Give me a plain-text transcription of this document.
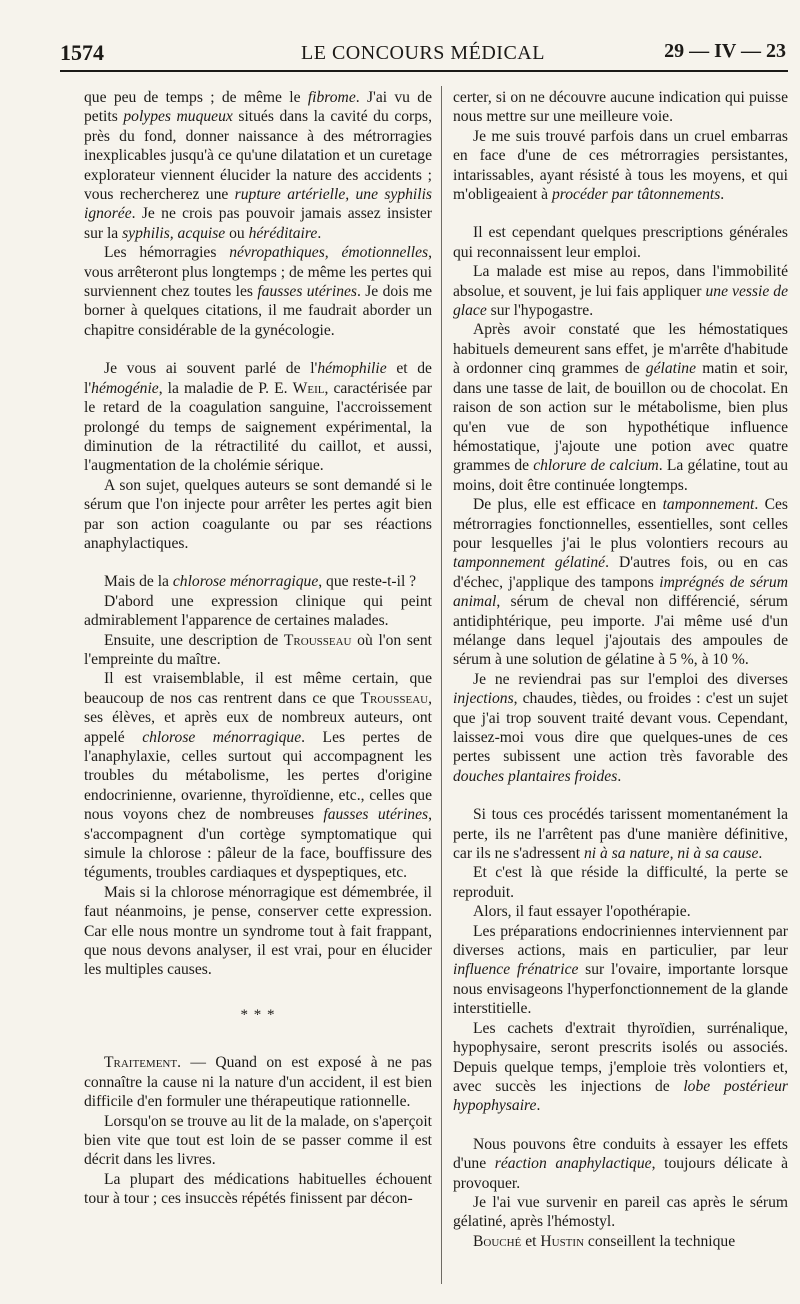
1574	LE CONCOURS MÉDICAL	29 — IV — 23

que peu de temps ; de même le fibrome. J'ai vu de petits polypes muqueux situés dans la cavité du corps, près du fond, donner naissance à des métrorragies inexplicables jusqu'à ce qu'une dilatation et un curetage explorateur viennent élucider la nature des accidents ; vous rechercherez une rupture artérielle, une syphilis ignorée. Je ne crois pas pouvoir jamais assez insister sur la syphilis, acquise ou héréditaire.

Les hémorragies névropathiques, émotionnelles, vous arrêteront plus longtemps ; de même les pertes qui surviennent chez toutes les fausses utérines. Je dois me borner à quelques citations, il me faudrait aborder un chapitre considérable de la gynécologie.

Je vous ai souvent parlé de l'hémophilie et de l'hémogénie, la maladie de P. E. Weil, caractérisée par le retard de la coagulation sanguine, l'accroissement prolongé du temps de saignement expérimental, la diminution de la rétractilité du caillot, et aussi, l'augmentation de la cholémie sérique.

A son sujet, quelques auteurs se sont demandé si le sérum que l'on injecte pour arrêter les pertes agit bien par son action coagulante ou par ses réactions anaphylactiques.

Mais de la chlorose ménorragique, que reste-t-il ?

D'abord une expression clinique qui peint admirablement l'apparence de certaines malades.

Ensuite, une description de Trousseau où l'on sent l'empreinte du maître.

Il est vraisemblable, il est même certain, que beaucoup de nos cas rentrent dans ce que Trousseau, ses élèves, et après eux de nombreux auteurs, ont appelé chlorose ménorragique. Les pertes de l'anaphylaxie, celles surtout qui accompagnent les troubles du métabolisme, les pertes d'origine endocrinienne, ovarienne, thyroïdienne, etc., celles que nous voyons chez de nombreuses fausses utérines, s'accompagnent d'un cortège symptomatique qui simule la chlorose : pâleur de la face, bouffissure des téguments, troubles cardiaques et dyspeptiques, etc.

Mais si la chlorose ménorragique est démembrée, il faut néanmoins, je pense, conserver cette expression. Car elle nous montre un syndrome tout à fait frappant, que nous devons analyser, il est vrai, pour en élucider les multiples causes.

* * *

Traitement. — Quand on est exposé à ne pas connaître la cause ni la nature d'un accident, il est bien difficile d'en formuler une thérapeutique rationnelle.

Lorsqu'on se trouve au lit de la malade, on s'aperçoit bien vite que tout est loin de se passer comme il est décrit dans les livres.

La plupart des médications habituelles échouent tour à tour ; ces insuccès répétés finissent par décon-

certer, si on ne découvre aucune indication qui puisse nous mettre sur une meilleure voie.

Je me suis trouvé parfois dans un cruel embarras en face d'une de ces métrorragies persistantes, intarissables, ayant résisté à tous les moyens, et qui m'obligeaient à procéder par tâtonnements.

Il est cependant quelques prescriptions générales qui reconnaissent leur emploi.

La malade est mise au repos, dans l'immobilité absolue, et souvent, je lui fais appliquer une vessie de glace sur l'hypogastre.

Après avoir constaté que les hémostatiques habituels demeurent sans effet, je m'arrête d'habitude à ordonner cinq grammes de gélatine matin et soir, dans une tasse de lait, de bouillon ou de chocolat. En raison de son action sur le métabolisme, bien plus qu'en vue de son hypothétique influence hémostatique, j'ajoute une potion avec quatre grammes de chlorure de calcium. La gélatine, tout au moins, doit être continuée longtemps.

De plus, elle est efficace en tamponnement. Ces métrorragies fonctionnelles, essentielles, sont celles pour lesquelles j'ai le plus volontiers recours au tamponnement gélatiné. D'autres fois, ou en cas d'échec, j'applique des tampons imprégnés de sérum animal, sérum de cheval non différencié, sérum antidiphtérique, peu importe. J'ai même usé d'un mélange dans lequel j'ajoutais des ampoules de sérum à une solution de gélatine à 5 %, à 10 %.

Je ne reviendrai pas sur l'emploi des diverses injections, chaudes, tièdes, ou froides : c'est un sujet que j'ai trop souvent traité devant vous. Cependant, laissez-moi vous dire que quelques-unes de ces pertes subissent une action très favorable des douches plantaires froides.

Si tous ces procédés tarissent momentanément la perte, ils ne l'arrêtent pas d'une manière définitive, car ils ne s'adressent ni à sa nature, ni à sa cause.

Et c'est là que réside la difficulté, la perte se reproduit.

Alors, il faut essayer l'opothérapie.

Les préparations endocriniennes interviennent par diverses actions, mais en particulier, par leur influence frénatrice sur l'ovaire, importante lorsque nous envisageons l'hyperfonctionnement de la glande interstitielle.

Les cachets d'extrait thyroïdien, surrénalique, hypophysaire, seront prescrits isolés ou associés. Depuis quelque temps, j'emploie très volontiers et, avec succès les injections de lobe postérieur hypophysaire.

Nous pouvons être conduits à essayer les effets d'une réaction anaphylactique, toujours délicate à provoquer.

Je l'ai vue survenir en pareil cas après le sérum gélatiné, après l'hémostyl.

Bouché et Hustin conseillent la technique
